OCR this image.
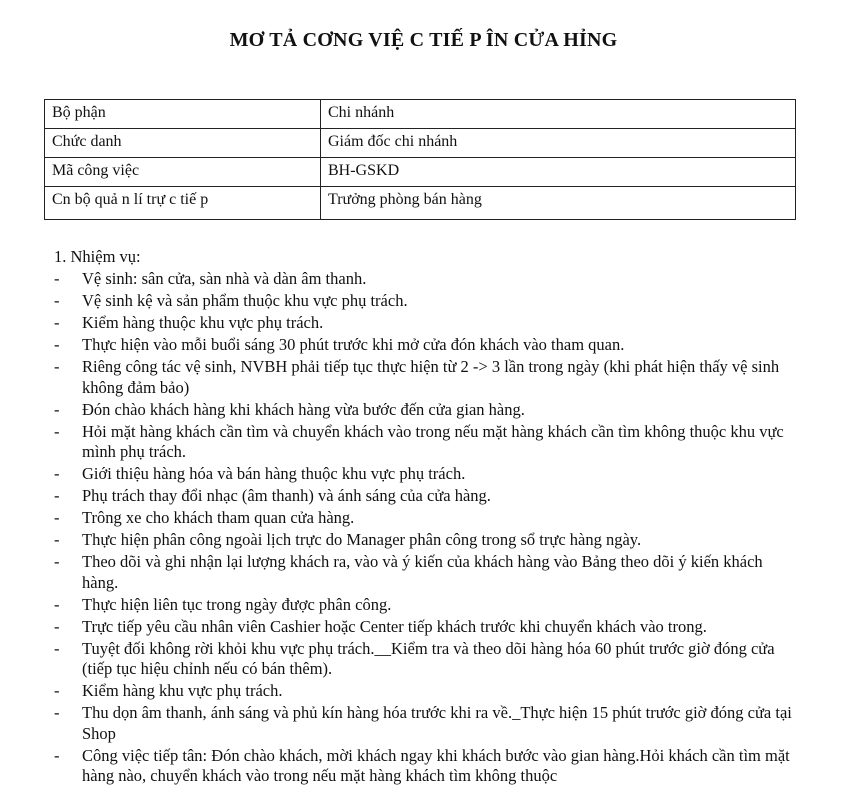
MƠ TẢ CƠNG VIỆ C TIẾ P ÎN CỬA HỈNG
Bộ phận	Chi nhánh
Chức danh	Giám đốc chi nhánh
Mã công việc	BH-GSKD
Cn bộ quả n lí trự c tiế p	Trưởng phòng bán hàng
1. Nhiệm vụ:
- Vệ sinh: sân cửa, sàn nhà và dàn âm thanh.
- Vệ sinh kệ và sản phẩm thuộc khu vực phụ trách.
- Kiểm hàng thuộc khu vực phụ trách.
- Thực hiện vào mỗi buổi sáng 30 phút trước khi mở cửa đón khách vào tham quan.
- Riêng công tác vệ sinh, NVBH phải tiếp tục thực hiện từ 2 -> 3 lần trong ngày (khi phát hiện thấy vệ sinh không đảm bảo)
- Đón chào khách hàng khi khách hàng vừa bước đến cửa gian hàng.
- Hỏi mặt hàng khách cần tìm và chuyển khách vào trong nếu mặt hàng khách cần tìm không thuộc khu vực mình phụ trách.
- Giới thiệu hàng hóa và bán hàng thuộc khu vực phụ trách.
- Phụ trách thay đổi nhạc (âm thanh) và ánh sáng của cửa hàng.
- Trông xe cho khách tham quan cửa hàng.
- Thực hiện phân công ngoài lịch trực do Manager phân công trong sổ trực hàng ngày.
- Theo dõi và ghi nhận lại lượng khách ra, vào và ý kiến của khách hàng vào Bảng theo dõi ý kiến khách hàng.
- Thực hiện liên tục trong ngày được phân công.
- Trực tiếp yêu cầu nhân viên Cashier hoặc Center tiếp khách trước khi chuyển khách vào trong.
- Tuyệt đối không rời khỏi khu vực phụ trách.__Kiểm tra và theo dõi hàng hóa 60 phút trước giờ đóng cửa (tiếp tục hiệu chỉnh nếu có bán thêm).
- Kiểm hàng khu vực phụ trách.
- Thu dọn âm thanh, ánh sáng và phủ kín hàng hóa trước khi ra về._Thực hiện 15 phút trước giờ đóng cửa tại Shop
- Công việc tiếp tân: Đón chào khách, mời khách ngay khi khách bước vào gian hàng.Hỏi khách cần tìm mặt hàng nào, chuyển khách vào trong nếu mặt hàng khách tìm không thuộc
